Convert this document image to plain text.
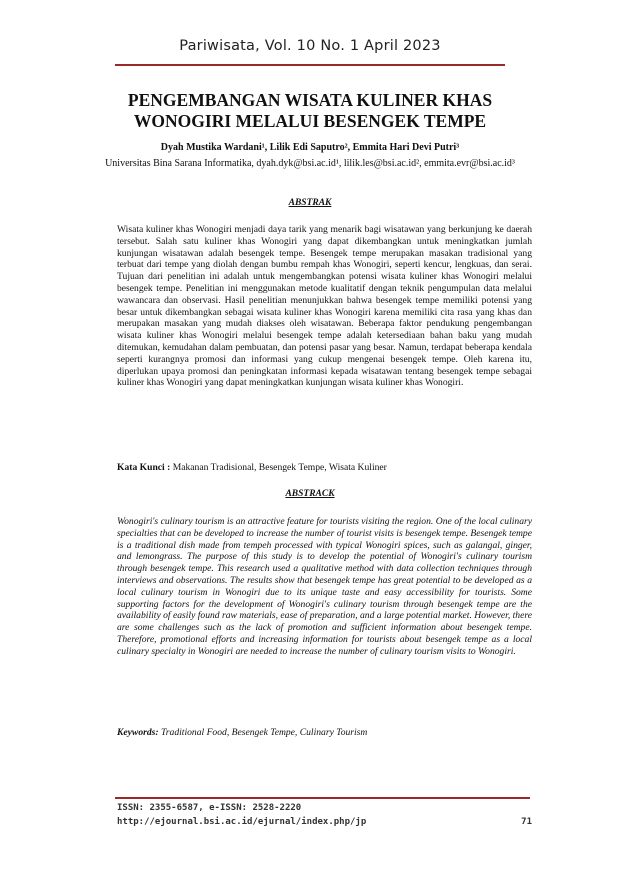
Pariwisata, Vol. 10 No. 1 April 2023
PENGEMBANGAN WISATA KULINER KHAS WONOGIRI MELALUI BESENGEK TEMPE
Dyah Mustika Wardani¹, Lilik Edi Saputro², Emmita Hari Devi Putri³
Universitas Bina Sarana Informatika, dyah.dyk@bsi.ac.id¹, lilik.les@bsi.ac.id², emmita.evr@bsi.ac.id³
ABSTRAK
Wisata kuliner khas Wonogiri menjadi daya tarik yang menarik bagi wisatawan yang berkunjung ke daerah tersebut. Salah satu kuliner khas Wonogiri yang dapat dikembangkan untuk meningkatkan jumlah kunjungan wisatawan adalah besengek tempe. Besengek tempe merupakan masakan tradisional yang terbuat dari tempe yang diolah dengan bumbu rempah khas Wonogiri, seperti kencur, lengkuas, dan serai. Tujuan dari penelitian ini adalah untuk mengembangkan potensi wisata kuliner khas Wonogiri melalui besengek tempe. Penelitian ini menggunakan metode kualitatif dengan teknik pengumpulan data melalui wawancara dan observasi. Hasil penelitian menunjukkan bahwa besengek tempe memiliki potensi yang besar untuk dikembangkan sebagai wisata kuliner khas Wonogiri karena memiliki cita rasa yang khas dan merupakan masakan yang mudah diakses oleh wisatawan. Beberapa faktor pendukung pengembangan wisata kuliner khas Wonogiri melalui besengek tempe adalah ketersediaan bahan baku yang mudah ditemukan, kemudahan dalam pembuatan, dan potensi pasar yang besar. Namun, terdapat beberapa kendala seperti kurangnya promosi dan informasi yang cukup mengenai besengek tempe. Oleh karena itu, diperlukan upaya promosi dan peningkatan informasi kepada wisatawan tentang besengek tempe sebagai kuliner khas Wonogiri yang dapat meningkatkan kunjungan wisata kuliner khas Wonogiri.
Kata Kunci : Makanan Tradisional, Besengek Tempe, Wisata Kuliner
ABSTRACK
Wonogiri's culinary tourism is an attractive feature for tourists visiting the region. One of the local culinary specialties that can be developed to increase the number of tourist visits is besengek tempe. Besengek tempe is a traditional dish made from tempeh processed with typical Wonogiri spices, such as galangal, ginger, and lemongrass. The purpose of this study is to develop the potential of Wonogiri's culinary tourism through besengek tempe. This research used a qualitative method with data collection techniques through interviews and observations. The results show that besengek tempe has great potential to be developed as a local culinary tourism in Wonogiri due to its unique taste and easy accessibility for tourists. Some supporting factors for the development of Wonogiri's culinary tourism through besengek tempe are the availability of easily found raw materials, ease of preparation, and a large potential market. However, there are some challenges such as the lack of promotion and sufficient information about besengek tempe. Therefore, promotional efforts and increasing information for tourists about besengek tempe as a local culinary specialty in Wonogiri are needed to increase the number of culinary tourism visits to Wonogiri.
Keywords: Traditional Food, Besengek Tempe, Culinary Tourism
ISSN: 2355-6587, e-ISSN: 2528-2220
http://ejournal.bsi.ac.id/ejurnal/index.php/jp	71
